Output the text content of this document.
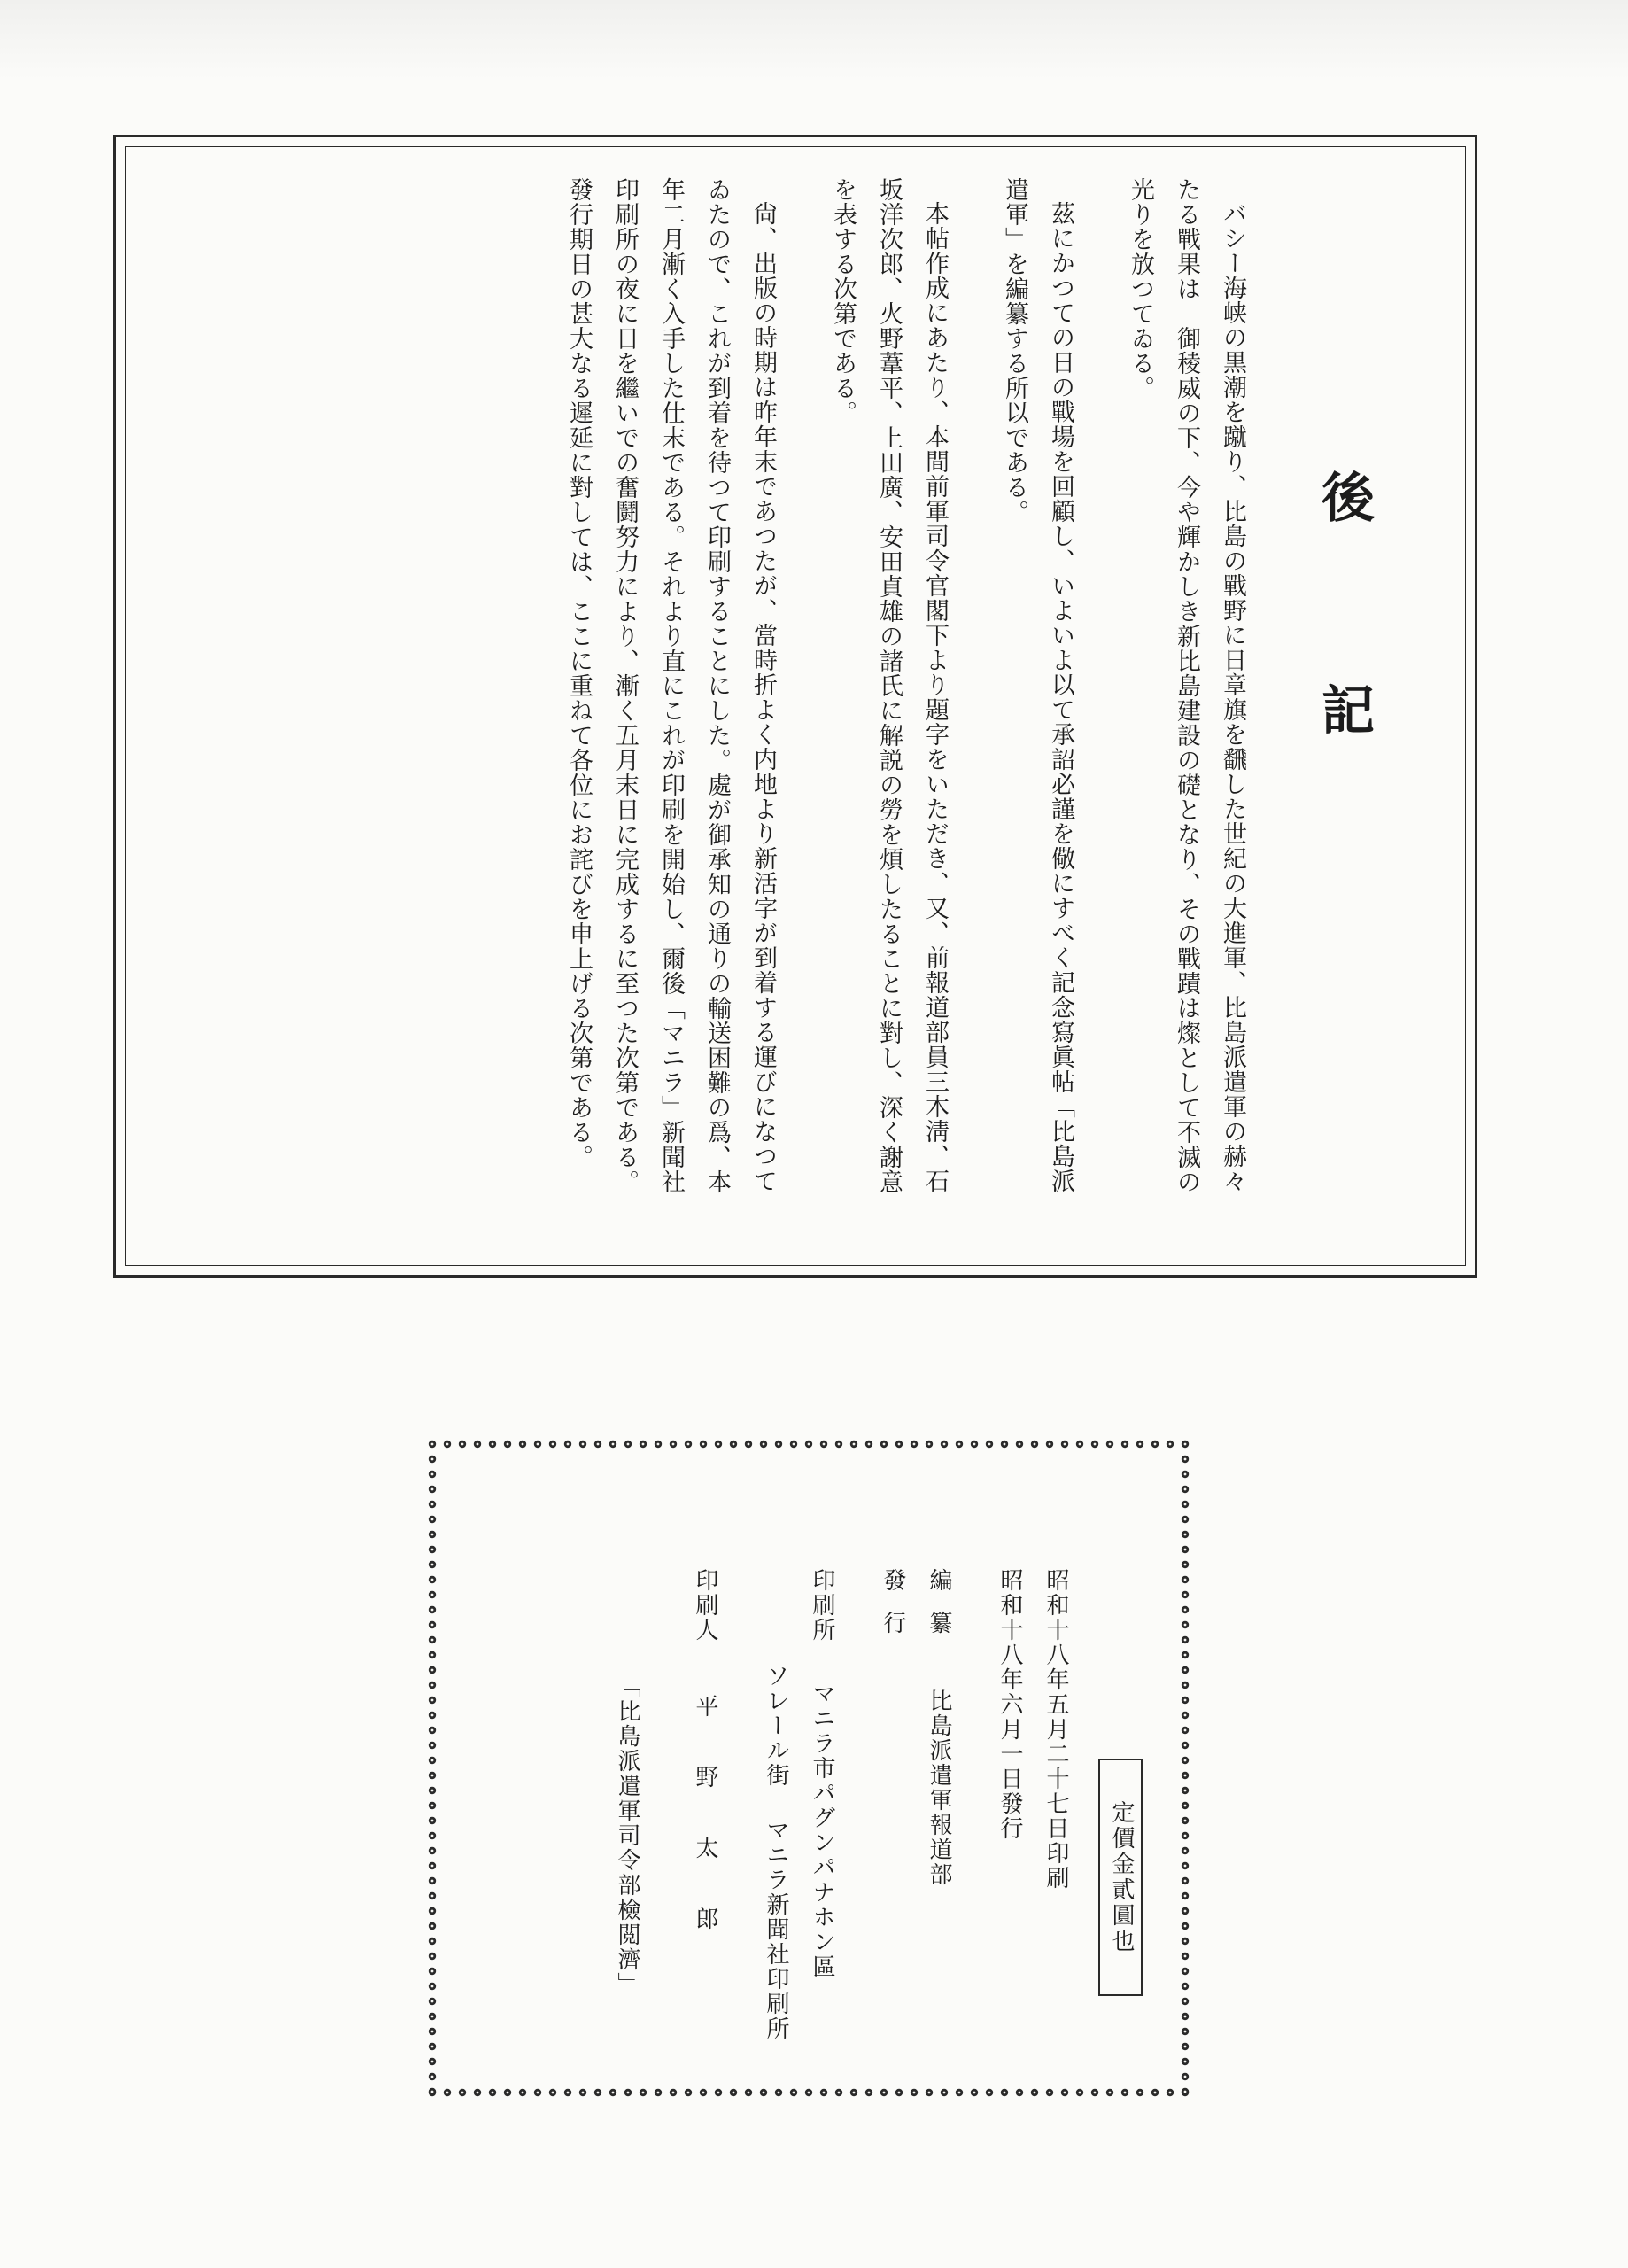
後　記

バシー海峡の黒潮を蹴り、比島の戰野に日章旗を飜した世紀の大進軍、比島派遣軍の赫々たる戰果は　御稜威の下、今や輝かしき新比島建設の礎となり、その戰蹟は燦として不滅の光りを放つてゐる。

茲にかつての日の戰場を回顧し、いよいよ以て承詔必謹を儆にすべく記念寫眞帖「比島派遣軍」を編纂する所以である。

本帖作成にあたり、本間前軍司令官閣下より題字をいただき、又、前報道部員三木淸、石坂洋次郎、火野葦平、上田廣、安田貞雄の諸氏に解説の勞を煩したることに對し、深く謝意を表する次第である。

尙、出版の時期は昨年末であつたが、當時折よく内地より新活字が到着する運びになつてゐたので、これが到着を待つて印刷することにした。處が御承知の通りの輸送困難の爲、本年二月漸く入手した仕末である。それより直にこれが印刷を開始し、爾後「マニラ」新聞社印刷所の夜に日を繼いでの奮鬪努力により、漸く五月末日に完成するに至つた次第である。

發行期日の甚大なる遲延に對しては、ここに重ねて各位にお詫びを申上げる次第である。

昭和十八年五月二十七日印刷

昭和十八年六月一日發行

編纂比島派遣軍報道部

發行

印刷所マニラ市パグンパナホン區

ソレール街マニラ新聞社印刷所

印刷人平　野　太　郎

「比島派遣軍司令部檢閲濟」	定價金貳圓也
